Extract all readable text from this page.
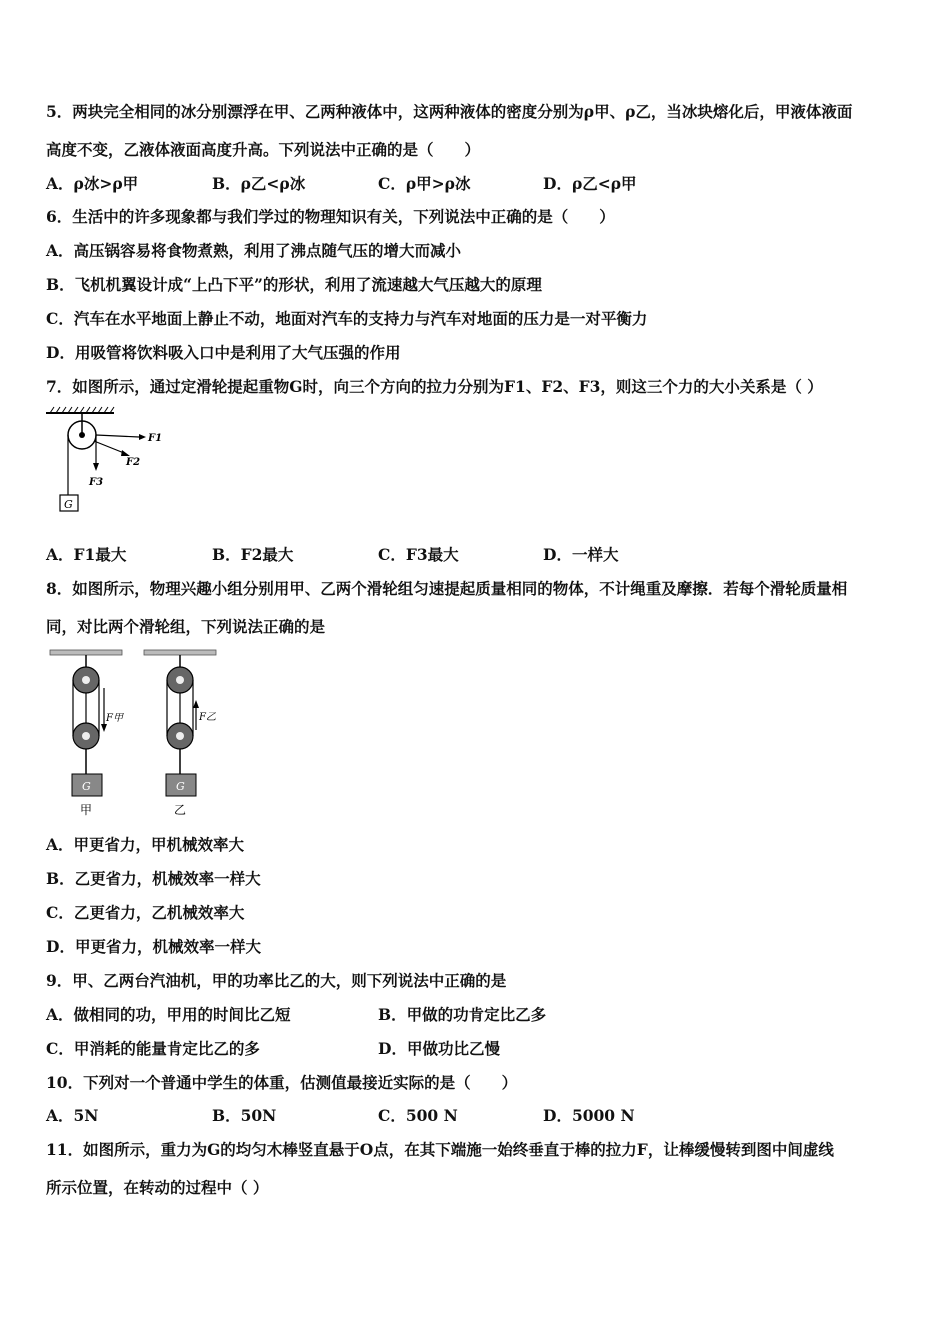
5．两块完全相同的冰分别漂浮在甲、乙两种液体中，这两种液体的密度分别为ρ甲、ρ乙，当冰块熔化后，甲液体液面
高度不变，乙液体液面高度升高。下列说法中正确的是（　　）
A．ρ冰>ρ甲	B．ρ乙<ρ冰	C．ρ甲>ρ冰	D．ρ乙<ρ甲
6．生活中的许多现象都与我们学过的物理知识有关，下列说法中正确的是（　　）
A．高压锅容易将食物煮熟，利用了沸点随气压的增大而减小
B．飞机机翼设计成“上凸下平”的形状，利用了流速越大气压越大的原理
C．汽车在水平地面上静止不动，地面对汽车的支持力与汽车对地面的压力是一对平衡力
D．用吸管将饮料吸入口中是利用了大气压强的作用
7．如图所示，通过定滑轮提起重物G时，向三个方向的拉力分别为F1、F2、F3，则这三个力的大小关系是（ ）
G
F1
F2
F3
A．F1最大	B．F2最大	C．F3最大	D．一样大
8．如图所示，物理兴趣小组分别用甲、乙两个滑轮组匀速提起质量相同的物体，不计绳重及摩擦．若每个滑轮质量相
同，对比两个滑轮组，下列说法正确的是
F甲
G
甲
F乙
G
乙
A．甲更省力，甲机械效率大
B．乙更省力，机械效率一样大
C．乙更省力，乙机械效率大
D．甲更省力，机械效率一样大
9．甲、乙两台汽油机，甲的功率比乙的大，则下列说法中正确的是
A．做相同的功，甲用的时间比乙短	B．甲做的功肯定比乙多
C．甲消耗的能量肯定比乙的多	D．甲做功比乙慢
10．下列对一个普通中学生的体重，估测值最接近实际的是（　　）
A．5N	B．50N	C．500 N	D．5000 N
11．如图所示，重力为G的均匀木棒竖直悬于O点，在其下端施一始终垂直于棒的拉力F，让棒缓慢转到图中间虚线
所示位置，在转动的过程中（ ）
